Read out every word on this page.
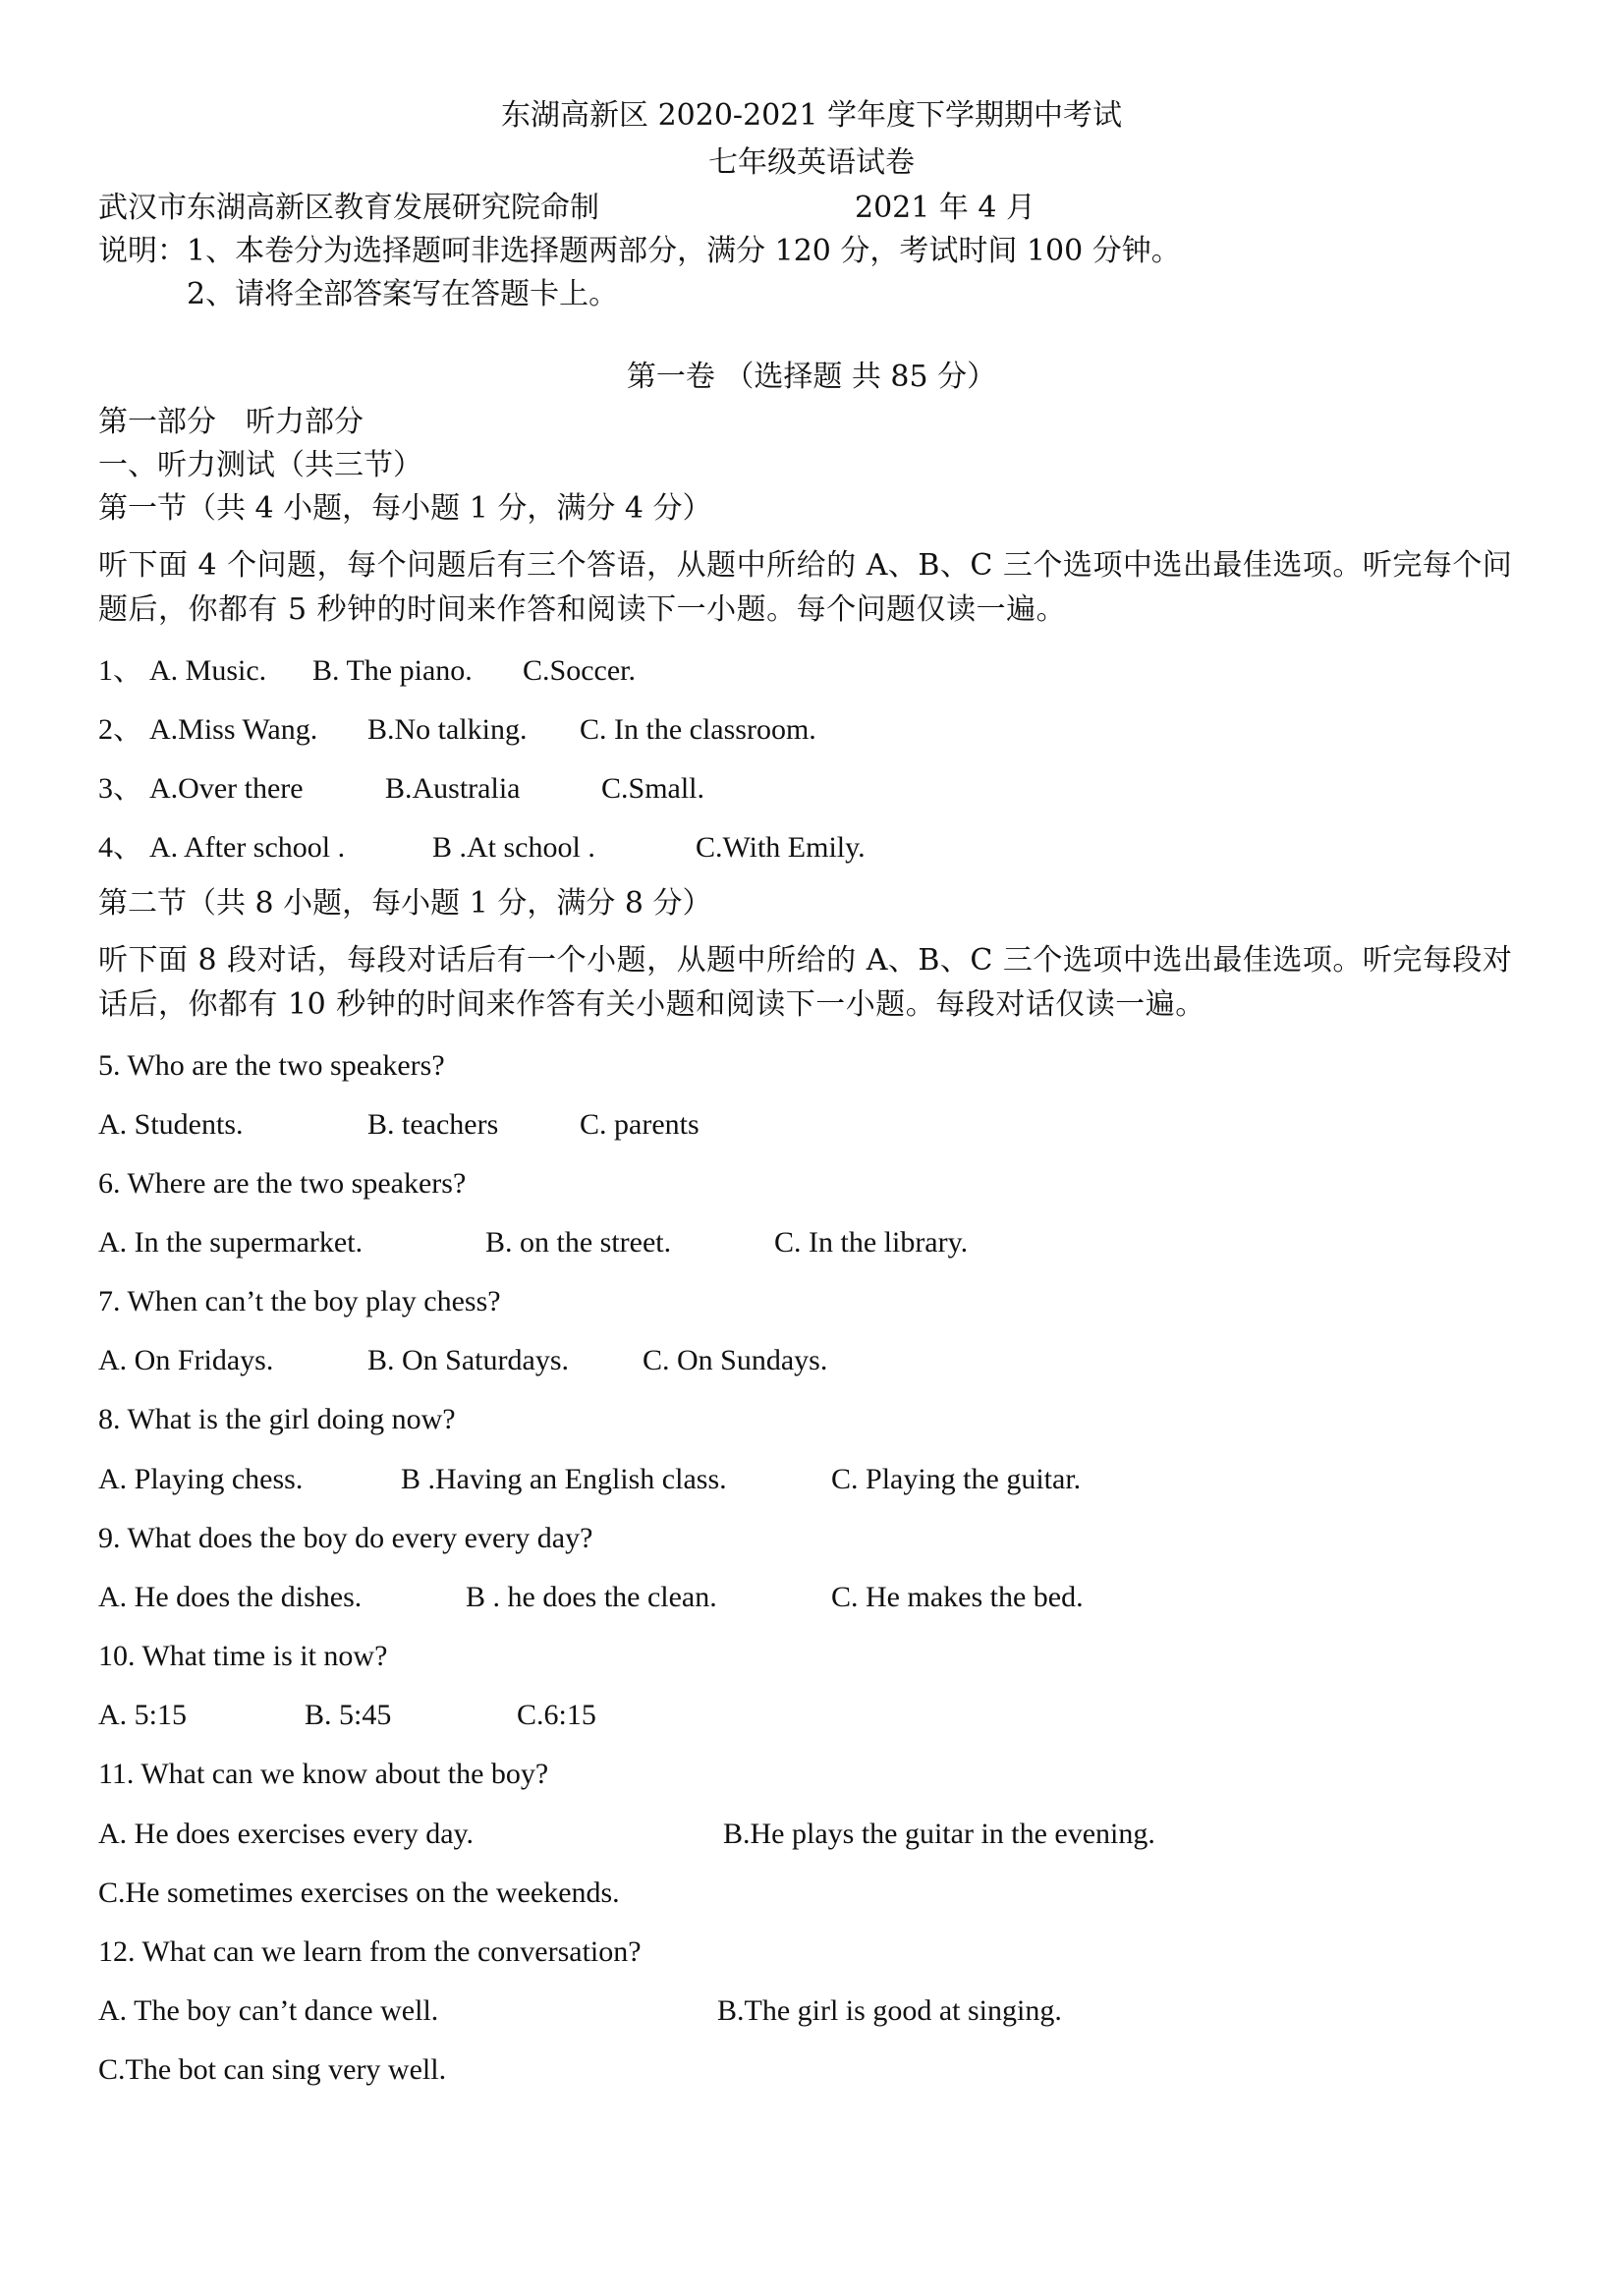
东湖高新区 2020-2021 学年度下学期期中考试
七年级英语试卷
武汉市东湖高新区教育发展研究院命制	2021 年 4 月
说明：1、本卷分为选择题呵非选择题两部分，满分 120 分，考试时间 100 分钟。
2、请将全部答案写在答题卡上。
第一卷 （选择题 共 85 分）
第一部分　听力部分
一、听力测试（共三节）
第一节（共 4 小题，每小题 1 分，满分 4 分）
听下面 4 个问题，每个问题后有三个答语，从题中所给的 A、B、C 三个选项中选出最佳选项。听完每个问题后，你都有 5 秒钟的时间来作答和阅读下一小题。每个问题仅读一遍。
1、 A. Music. B. The piano. C.Soccer.
2、 A.Miss Wang. B.No talking. C. In the classroom.
3、 A.Over there	B.Australia	C.Small.
4、 A. After school .	B .At school .	C.With Emily.
第二节（共 8 小题，每小题 1 分，满分 8 分）
听下面 8 段对话，每段对话后有一个小题，从题中所给的 A、B、C 三个选项中选出最佳选项。听完每段对话后，你都有 10 秒钟的时间来作答有关小题和阅读下一小题。每段对话仅读一遍。
5. Who are the two speakers?
A. Students.	B. teachers	C. parents
6. Where are the two speakers?
A. In the supermarket.	B. on the street.	C. In the library.
7. When can’t the boy play chess?
A. On Fridays.	B. On Saturdays.	C. On Sundays.
8. What is the girl doing now?
A. Playing chess.	B .Having an English class.	C. Playing the guitar.
9. What does the boy do every every day?
A. He does the dishes.	B . he does the clean.	C. He makes the bed.
10. What time is it now?
A. 5:15	B. 5:45	C.6:15
11. What can we know about the boy?
A. He does exercises every day.	B.He plays the guitar in the evening.
C.He sometimes exercises on the weekends.
12. What can we learn from the conversation?
A. The boy can’t dance well.	B.The girl is good at singing.
C.The bot can sing very well.
